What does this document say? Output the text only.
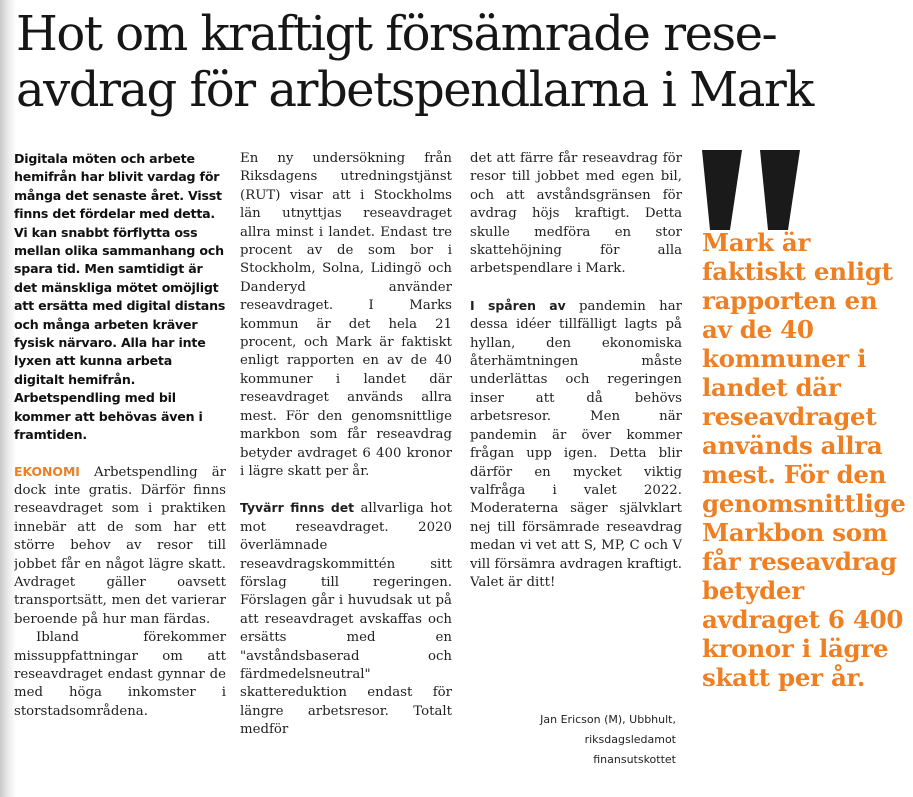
Hot om kraftigt försämrade rese-avdrag för arbetspendlarna i Mark

Digitala möten och arbete hemifrån har blivit vardag för många det senaste året. Visst finns det fördelar med detta. Vi kan snabbt förflytta oss mellan olika sammanhang och spara tid. Men samtidigt är det mänskliga mötet omöjligt att ersätta med digital distans och många arbeten kräver fysisk närvaro. Alla har inte lyxen att kunna arbeta digitalt hemifrån. Arbetspendling med bil kommer att behövas även i framtiden.

EKONOMI Arbetspendling är dock inte gratis. Därför finns reseavdraget som i praktiken innebär att de som har ett större behov av resor till jobbet får en något lägre skatt. Avdraget gäller oavsett transportsätt, men det varierar beroende på hur man färdas.

Ibland förekommer missuppfattningar om att reseavdraget endast gynnar de med höga inkomster i storstadsområdena.

En ny undersökning från Riksdagens utredningstjänst (RUT) visar att i Stockholms län utnyttjas reseavdraget allra minst i landet. Endast tre procent av de som bor i Stockholm, Solna, Lidingö och Danderyd använder reseavdraget. I Marks kommun är det hela 21 procent, och Mark är faktiskt enligt rapporten en av de 40 kommuner i landet där reseavdraget används allra mest. För den genomsnittlige markbon som får reseavdrag betyder avdraget 6 400 kronor i lägre skatt per år.

Tyvärr finns det allvarliga hot mot reseavdraget. 2020 överlämnade reseavdragskommittén sitt förslag till regeringen. Förslagen går i huvudsak ut på att reseavdraget avskaffas och ersätts med en "avståndsbaserad och färdmedelsneutral" skattereduktion endast för längre arbetsresor. Totalt medför

det att färre får reseavdrag för resor till jobbet med egen bil, och att avståndsgränsen för avdrag höjs kraftigt. Detta skulle medföra en stor skattehöjning för alla arbetspendlare i Mark.

I spåren av pandemin har dessa idéer tillfälligt lagts på hyllan, den ekonomiska återhämtningen måste underlättas och regeringen inser att då behövs arbetsresor. Men när pandemin är över kommer frågan upp igen. Detta blir därför en mycket viktig valfråga i valet 2022. Moderaterna säger självklart nej till försämrade reseavdrag medan vi vet att S, MP, C och V vill försämra avdragen kraftigt. Valet är ditt!

Jan Ericson (M), Ubbhult,
riksdagsledamot
finansutskottet
Mark är faktiskt enligt rapporten en av de 40 kommuner i landet där reseavdraget används allra mest. För den genomsnittlige Markbon som får reseavdrag betyder avdraget 6 400 kronor i lägre skatt per år.
